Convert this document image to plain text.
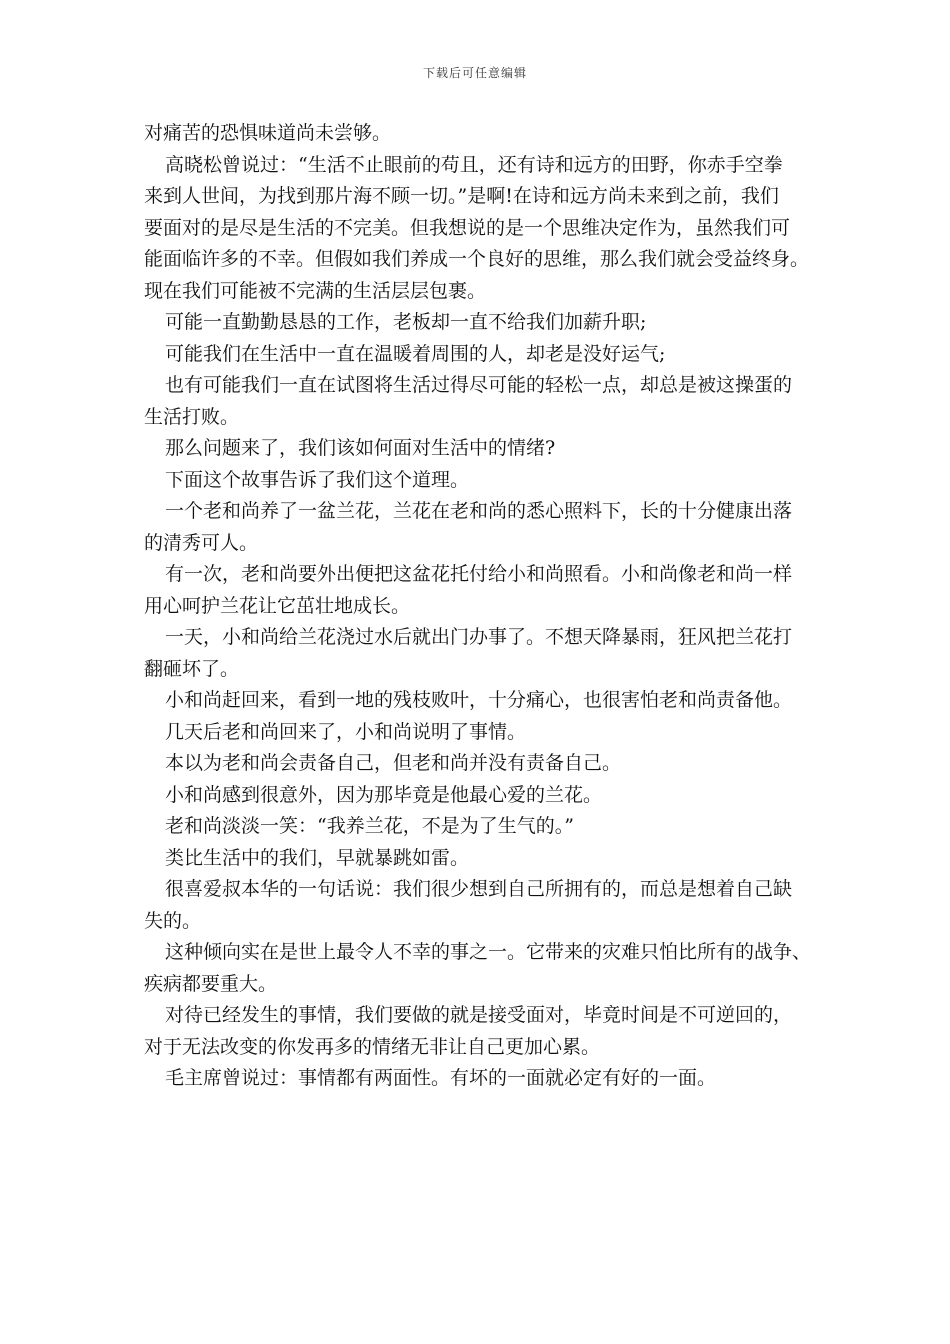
下载后可任意编辑
对痛苦的恐惧味道尚未尝够。
高晓松曾说过：“生活不止眼前的苟且，还有诗和远方的田野，你赤手空拳
来到人世间，为找到那片海不顾一切。”是啊!在诗和远方尚未来到之前，我们
要面对的是尽是生活的不完美。但我想说的是一个思维决定作为，虽然我们可
能面临许多的不幸。但假如我们养成一个良好的思维，那么我们就会受益终身。
现在我们可能被不完满的生活层层包裹。
可能一直勤勤恳恳的工作，老板却一直不给我们加薪升职;
可能我们在生活中一直在温暖着周围的人，却老是没好运气;
也有可能我们一直在试图将生活过得尽可能的轻松一点，却总是被这操蛋的
生活打败。
那么问题来了，我们该如何面对生活中的情绪?
下面这个故事告诉了我们这个道理。
一个老和尚养了一盆兰花，兰花在老和尚的悉心照料下，长的十分健康出落
的清秀可人。
有一次，老和尚要外出便把这盆花托付给小和尚照看。小和尚像老和尚一样
用心呵护兰花让它茁壮地成长。
一天，小和尚给兰花浇过水后就出门办事了。不想天降暴雨，狂风把兰花打
翻砸坏了。
小和尚赶回来，看到一地的残枝败叶，十分痛心，也很害怕老和尚责备他。
几天后老和尚回来了，小和尚说明了事情。
本以为老和尚会责备自己，但老和尚并没有责备自己。
小和尚感到很意外，因为那毕竟是他最心爱的兰花。
老和尚淡淡一笑：“我养兰花，不是为了生气的。”
类比生活中的我们，早就暴跳如雷。
很喜爱叔本华的一句话说：我们很少想到自己所拥有的，而总是想着自己缺
失的。
这种倾向实在是世上最令人不幸的事之一。它带来的灾难只怕比所有的战争、
疾病都要重大。
对待已经发生的事情，我们要做的就是接受面对，毕竟时间是不可逆回的，
对于无法改变的你发再多的情绪无非让自己更加心累。
毛主席曾说过：事情都有两面性。有坏的一面就必定有好的一面。
